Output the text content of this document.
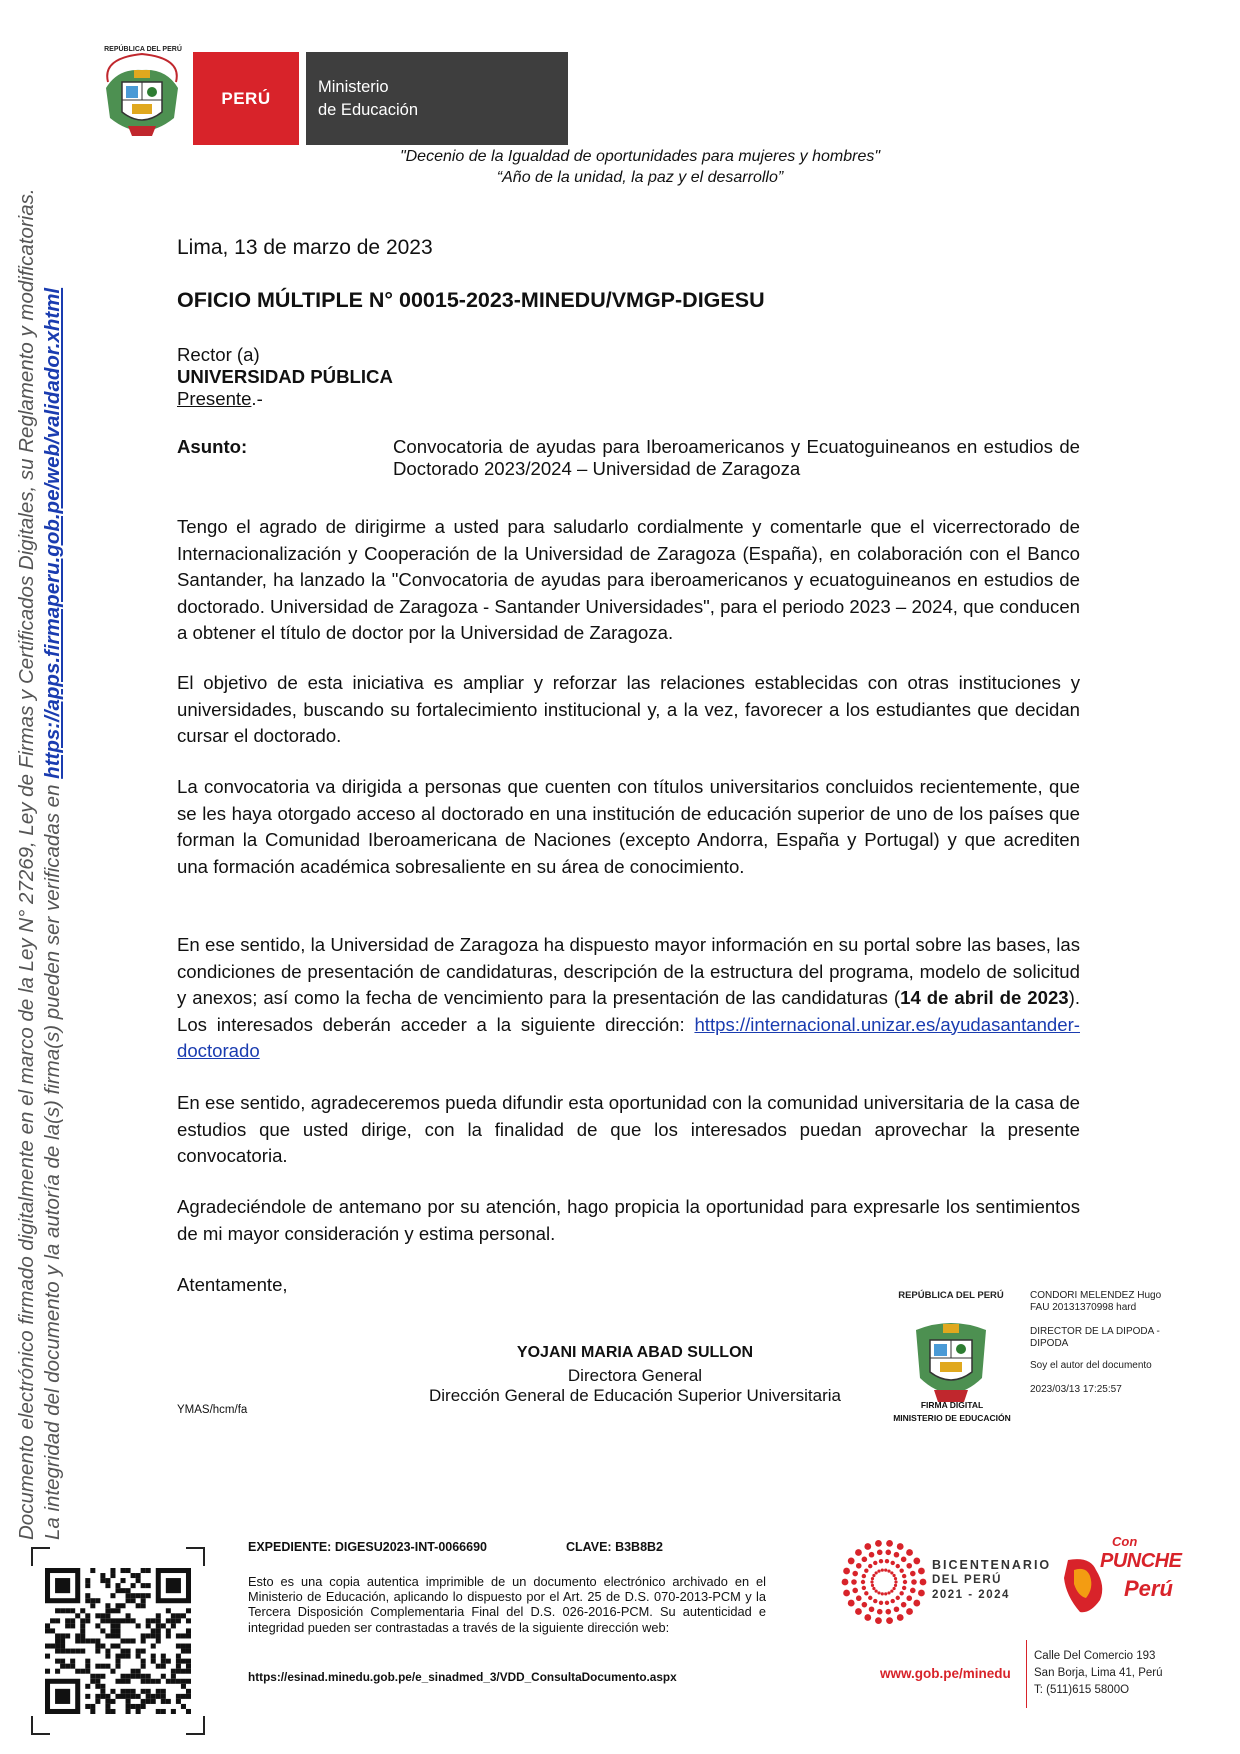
REPÚBLICA DEL PERÚ
PERÚ
Ministerio
de Educación
"Decenio de la Igualdad de oportunidades para mujeres y hombres"
“Año de la unidad, la paz y el desarrollo”
Documento electrónico firmado digitalmente en el marco de la Ley N° 27269, Ley de Firmas y Certificados Digitales, su Reglamento y modificatorias. La integridad del documento y la autoría de la(s) firma(s) pueden ser verificadas en https://apps.firmaperu.gob.pe/web/validador.xhtml
Lima, 13 de marzo de 2023
OFICIO MÚLTIPLE N° 00015-2023-MINEDU/VMGP-DIGESU
Rector (a)
UNIVERSIDAD PÚBLICA
Presente.-
Asunto:	Convocatoria de ayudas para Iberoamericanos y Ecuatoguineanos en estudios de Doctorado 2023/2024 – Universidad de Zaragoza
Tengo el agrado de dirigirme a usted para saludarlo cordialmente y comentarle que el vicerrectorado de Internacionalización y Cooperación de la Universidad de Zaragoza (España), en colaboración con el Banco Santander, ha lanzado la "Convocatoria de ayudas para iberoamericanos y ecuatoguineanos en estudios de doctorado. Universidad de Zaragoza - Santander Universidades", para el periodo 2023 – 2024, que conducen a obtener el título de doctor por la Universidad de Zaragoza.
El objetivo de esta iniciativa es ampliar y reforzar las relaciones establecidas con otras instituciones y universidades, buscando su fortalecimiento institucional y, a la vez, favorecer a los estudiantes que decidan cursar el doctorado.
La convocatoria va dirigida a personas que cuenten con títulos universitarios concluidos recientemente, que se les haya otorgado acceso al doctorado en una institución de educación superior de uno de los países que forman la Comunidad Iberoamericana de Naciones (excepto Andorra, España y Portugal) y que acrediten una formación académica sobresaliente en su área de conocimiento.
En ese sentido, la Universidad de Zaragoza ha dispuesto mayor información en su portal sobre las bases, las condiciones de presentación de candidaturas, descripción de la estructura del programa, modelo de solicitud y anexos; así como la fecha de vencimiento para la presentación de las candidaturas (14 de abril de 2023). Los interesados deberán acceder a la siguiente dirección: https://internacional.unizar.es/ayudasantander-doctorado
En ese sentido, agradeceremos pueda difundir esta oportunidad con la comunidad universitaria de la casa de estudios que usted dirige, con la finalidad de que los interesados puedan aprovechar la presente convocatoria.
Agradeciéndole de antemano por su atención, hago propicia la oportunidad para expresarle los sentimientos de mi mayor consideración y estima personal.
Atentamente,
YOJANI MARIA ABAD SULLON
Directora General
Dirección General de Educación Superior Universitaria
YMAS/hcm/fa
REPÚBLICA DEL PERÚ
FIRMA DIGITAL
MINISTERIO DE EDUCACIÓN
CONDORI MELENDEZ Hugo
FAU 20131370998 hard
DIRECTOR DE LA DIPODA - DIPODA
Soy el autor del documento
2023/03/13 17:25:57
EXPEDIENTE: DIGESU2023-INT-0066690	CLAVE: B3B8B2
Esto es una copia autentica imprimible de un documento electrónico archivado en el Ministerio de Educación, aplicando lo dispuesto por el Art. 25 de D.S. 070-2013-PCM y la Tercera Disposición Complementaria Final del D.S. 026-2016-PCM. Su autenticidad e integridad pueden ser contrastadas a través de la siguiente dirección web:
https://esinad.minedu.gob.pe/e_sinadmed_3/VDD_ConsultaDocumento.aspx
BICENTENARIO
DEL PERÚ
2021 - 2024
Con
PUNCHE
Perú
www.gob.pe/minedu
Calle Del Comercio 193
San Borja, Lima 41, Perú
T: (511)615 5800O
